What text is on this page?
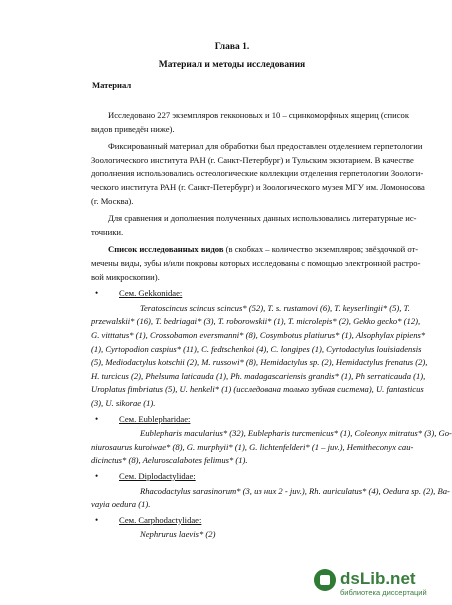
Глава 1.
Материал и методы исследования
Материал
Исследовано 227 экземпляров гекконовых и 10 – сцинкоморфных ящериц (список
видов приведён ниже).
Фиксированный материал для обработки был предоставлен отделением герпетологии
Зоологического института РАН (г. Санкт-Петербург) и Тульским экзотарием. В качестве
дополнения использовались остеологические коллекции отделения герпетологии Зоологи-
ческого института РАН (г. Санкт-Петербург) и Зоологического музея МГУ им. Ломоносова
(г. Москва).
Для сравнения и дополнения полученных данных использовались литературные ис-
точники.
Список исследованных видов (в скобках – количество экземпляров; звёздочкой от-
мечены виды, зубы и/или покровы которых исследованы с помощью электронной растро-
вой микроскопии).
• Сем. Gekkonidae:
Teratoscincus scincus scincus* (52), T. s. rustamovi (6), T. keyserlingii* (5), T.
przewalskii* (16), T. bedriagai* (3), T. roborowskii* (1), T. microlepis* (2), Gekko gecko* (12),
G. vitttatus* (1), Crossobamon eversmanni* (8), Cosymbotus platiurus* (1), Alsophylax pipiens*
(1), Cyrtopodion caspius* (11), C. fedtschenkoi (4), C. longipes (1), Cyrtodactylus louisiadensis
(5), Mediodactylus kotschii (2), M. russowi* (8), Hemidactylus sp. (2), Hemidactylus frenatus (2),
H. turcicus (2), Phelsuma laticauda (1), Ph. madagascariensis grandis* (1), Ph serraticauda (1),
Uroplatus fimbriatus (5), U. henkeli* (1) (исследована только зубная система), U. fantasticus
(3), U. sikorae (1).
• Сем. Eublepharidae:
Eublepharis macularius* (32), Eublepharis turcmenicus* (1), Coleonyx mitratus* (3), Go-
niurosaurus kuroiwae* (8), G. murphyii* (1), G. lichtenfelderi* (1 – juv.), Hemitheconyx cau-
dicinctus* (8), Aeluroscalabotes felimus* (1).
• Сем. Diplodactylidae:
Rhacodactylus sarasinorum* (3, из них 2 - juv.), Rh. auriculatus* (4), Oedura sp. (2), Ba-
vayia oedura (1).
• Сем. Carphodactylidae:
Nephrurus laevis* (2)
dsLib.net
библиотека диссертаций
